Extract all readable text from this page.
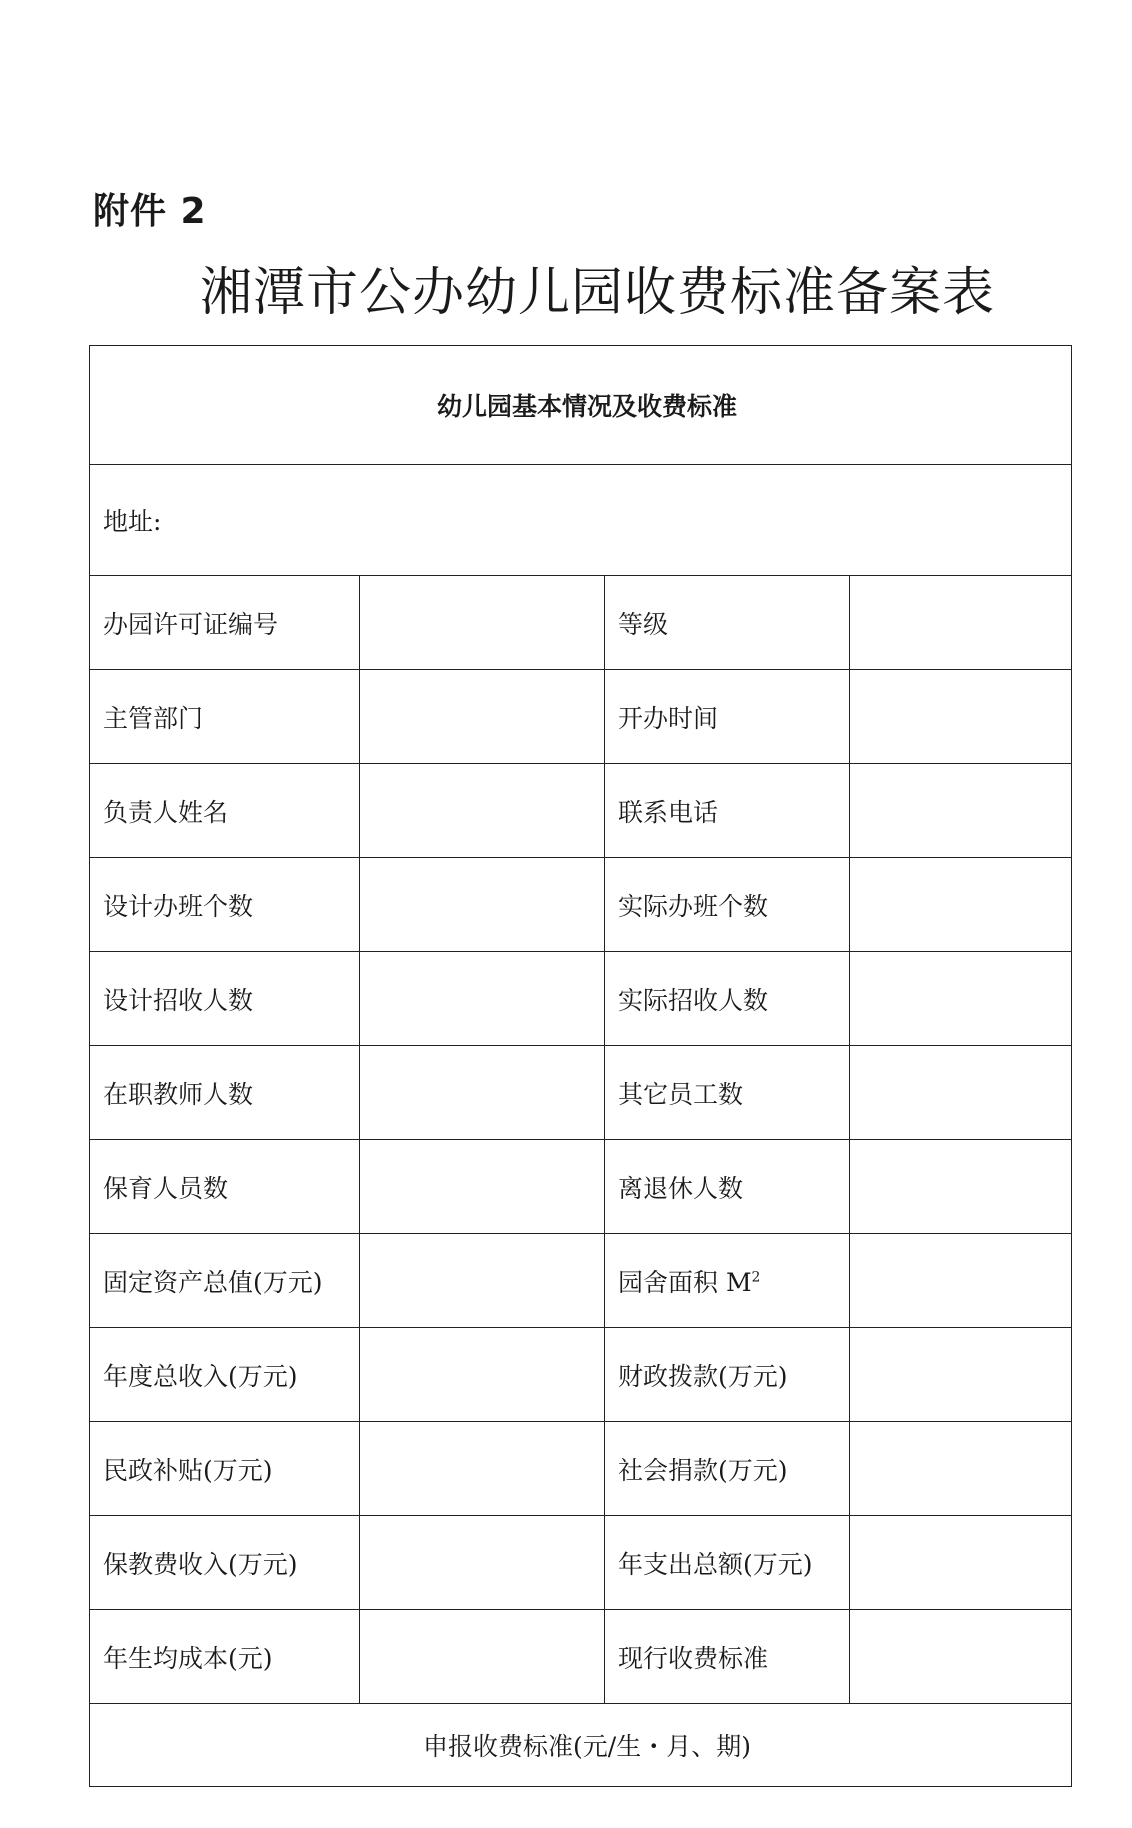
附件 2
湘潭市公办幼儿园收费标准备案表
幼儿园基本情况及收费标准			
地址:			
办园许可证编号		等级	
主管部门		开办时间	
负责人姓名		联系电话	
设计办班个数		实际办班个数	
设计招收人数		实际招收人数	
在职教师人数		其它员工数	
保育人员数		离退休人数	
固定资产总值(万元)		园舍面积 $M^2$	
年度总收入(万元)		财政拨款(万元)	
民政补贴(万元)		社会捐款(万元)	
保教费收入(万元)		年支出总额(万元)	
年生均成本(元)		现行收费标准	
申报收费标准(元/生・月、期)			
